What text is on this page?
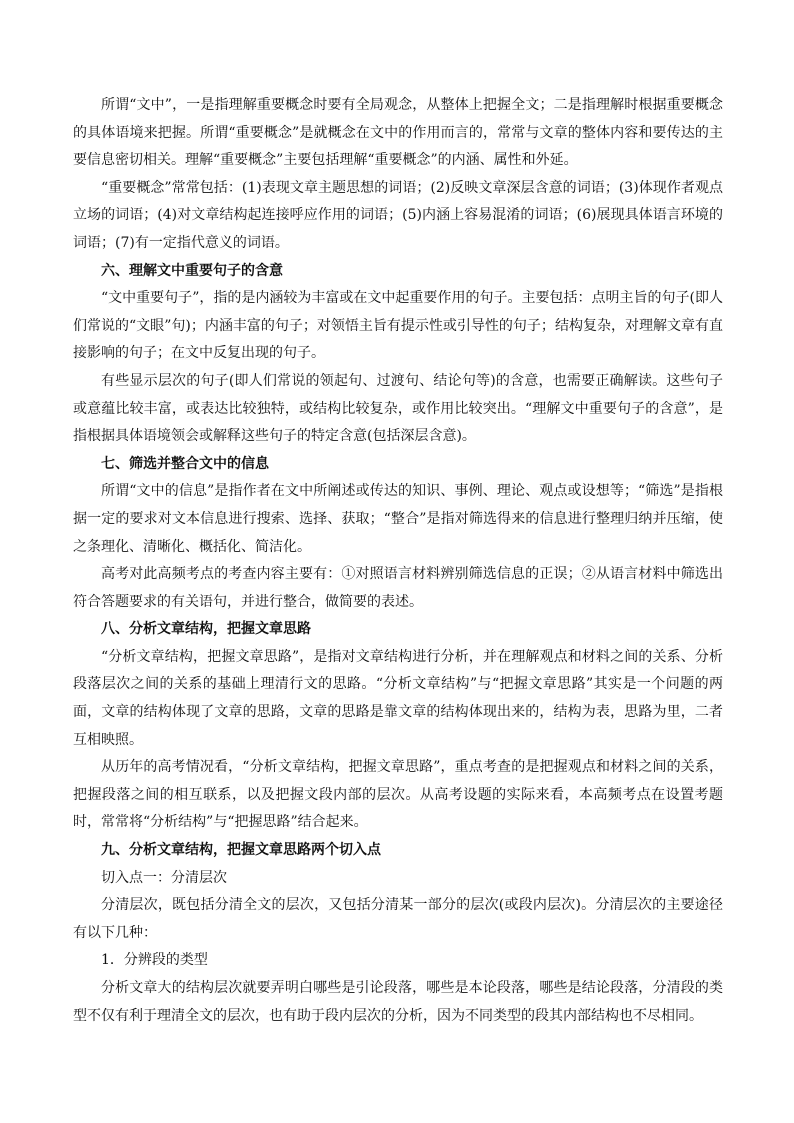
所谓“文中”，一是指理解重要概念时要有全局观念，从整体上把握全文；二是指理解时根据重要概念的具体语境来把握。所谓“重要概念”是就概念在文中的作用而言的，常常与文章的整体内容和要传达的主要信息密切相关。理解“重要概念”主要包括理解“重要概念”的内涵、属性和外延。

“重要概念”常常包括：(1)表现文章主题思想的词语；(2)反映文章深层含意的词语；(3)体现作者观点立场的词语；(4)对文章结构起连接呼应作用的词语；(5)内涵上容易混淆的词语；(6)展现具体语言环境的词语；(7)有一定指代意义的词语。

六、理解文中重要句子的含意

“文中重要句子”，指的是内涵较为丰富或在文中起重要作用的句子。主要包括：点明主旨的句子(即人们常说的“文眼”句)；内涵丰富的句子；对领悟主旨有提示性或引导性的句子；结构复杂，对理解文章有直接影响的句子；在文中反复出现的句子。

有些显示层次的句子(即人们常说的领起句、过渡句、结论句等)的含意，也需要正确解读。这些句子或意蕴比较丰富，或表达比较独特，或结构比较复杂，或作用比较突出。“理解文中重要句子的含意”，是指根据具体语境领会或解释这些句子的特定含意(包括深层含意)。

七、筛选并整合文中的信息

所谓“文中的信息”是指作者在文中所阐述或传达的知识、事例、理论、观点或设想等；“筛选”是指根据一定的要求对文本信息进行搜索、选择、获取；“整合”是指对筛选得来的信息进行整理归纳并压缩，使之条理化、清晰化、概括化、简洁化。

高考对此高频考点的考查内容主要有：①对照语言材料辨别筛选信息的正误；②从语言材料中筛选出符合答题要求的有关语句，并进行整合，做简要的表述。

八、分析文章结构，把握文章思路

“分析文章结构，把握文章思路”，是指对文章结构进行分析，并在理解观点和材料之间的关系、分析段落层次之间的关系的基础上理清行文的思路。“分析文章结构”与“把握文章思路”其实是一个问题的两面，文章的结构体现了文章的思路，文章的思路是靠文章的结构体现出来的，结构为表，思路为里，二者互相映照。

从历年的高考情况看，“分析文章结构，把握文章思路”，重点考查的是把握观点和材料之间的关系，把握段落之间的相互联系，以及把握文段内部的层次。从高考设题的实际来看，本高频考点在设置考题时，常常将“分析结构”与“把握思路”结合起来。

九、分析文章结构，把握文章思路两个切入点

切入点一：分清层次

分清层次，既包括分清全文的层次，又包括分清某一部分的层次(或段内层次)。分清层次的主要途径有以下几种：

1．分辨段的类型

分析文章大的结构层次就要弄明白哪些是引论段落，哪些是本论段落，哪些是结论段落，分清段的类型不仅有利于理清全文的层次，也有助于段内层次的分析，因为不同类型的段其内部结构也不尽相同。
